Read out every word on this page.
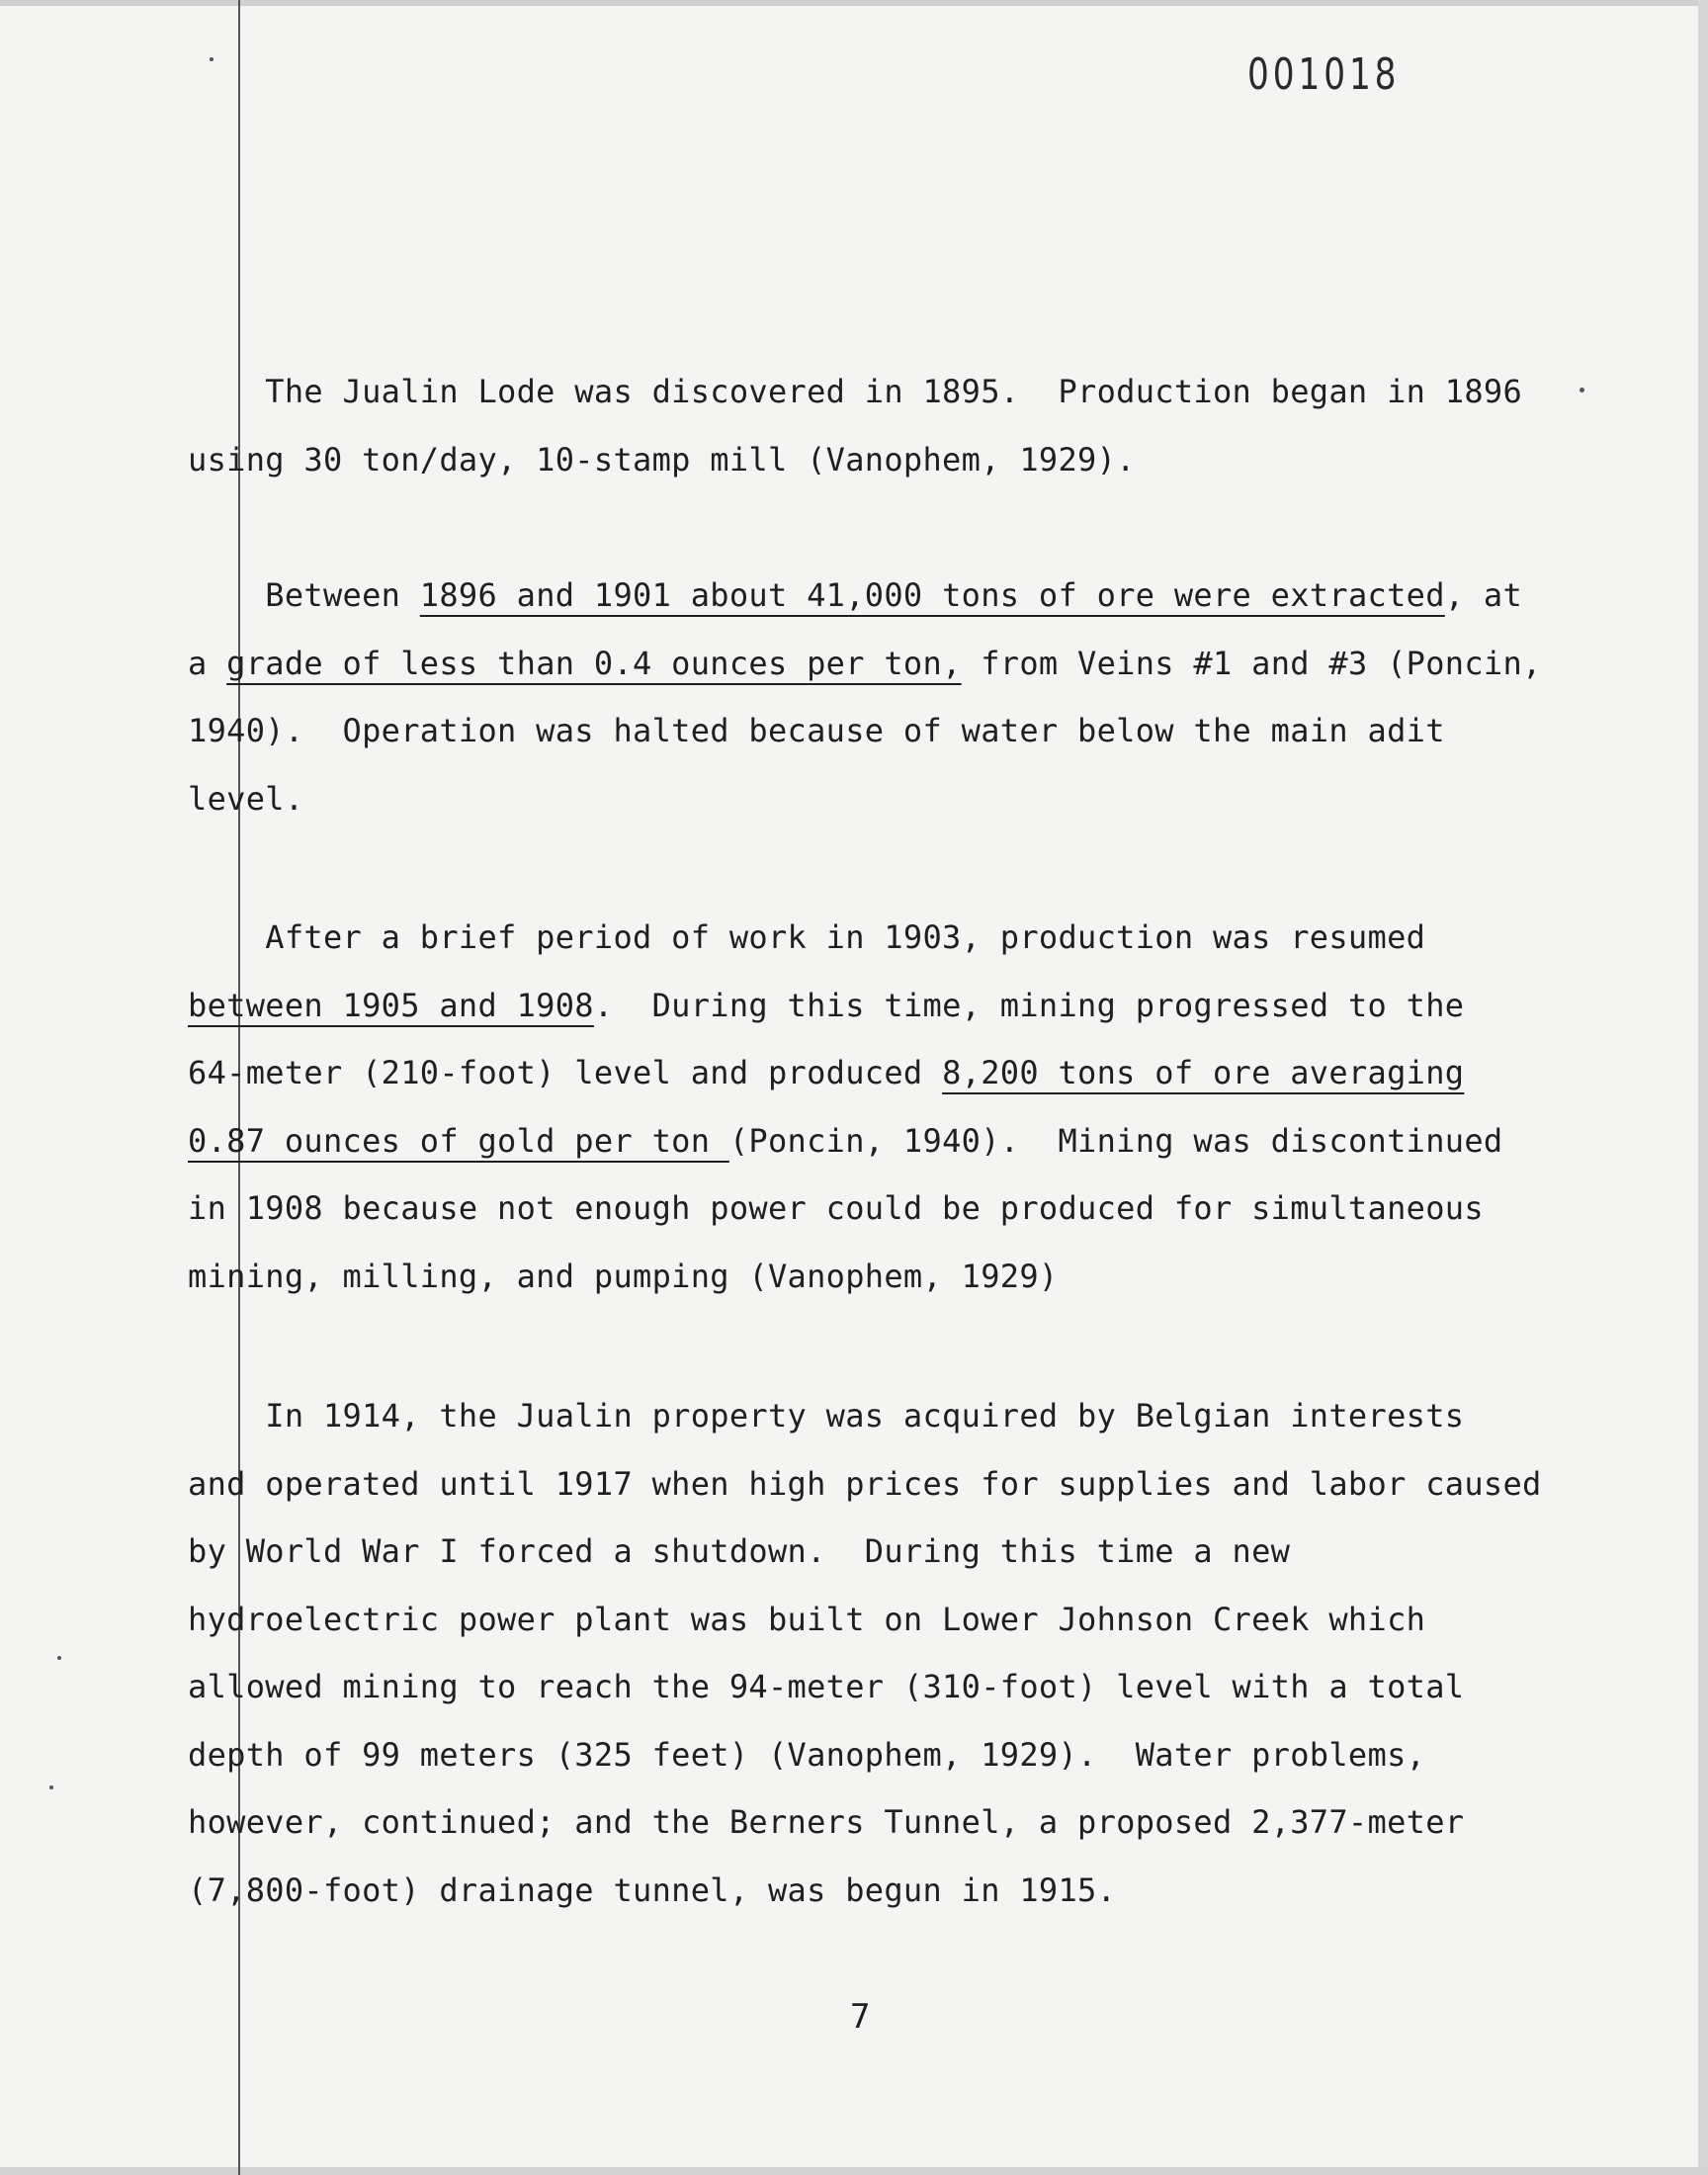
001018
The Jualin Lode was discovered in 1895.  Production began in 1896
using 30 ton/day, 10-stamp mill (Vanophem, 1929).
Between 1896 and 1901 about 41,000 tons of ore were extracted, at
a grade of less than 0.4 ounces per ton, from Veins #1 and #3 (Poncin,
1940).  Operation was halted because of water below the main adit
level.
After a brief period of work in 1903, production was resumed
between 1905 and 1908.  During this time, mining progressed to the
64-meter (210-foot) level and produced 8,200 tons of ore averaging
0.87 ounces of gold per ton (Poncin, 1940).  Mining was discontinued
in 1908 because not enough power could be produced for simultaneous
mining, milling, and pumping (Vanophem, 1929)
In 1914, the Jualin property was acquired by Belgian interests
and operated until 1917 when high prices for supplies and labor caused
by World War I forced a shutdown.  During this time a new
hydroelectric power plant was built on Lower Johnson Creek which
allowed mining to reach the 94-meter (310-foot) level with a total
depth of 99 meters (325 feet) (Vanophem, 1929).  Water problems,
however, continued; and the Berners Tunnel, a proposed 2,377-meter
(7,800-foot) drainage tunnel, was begun in 1915.
7
